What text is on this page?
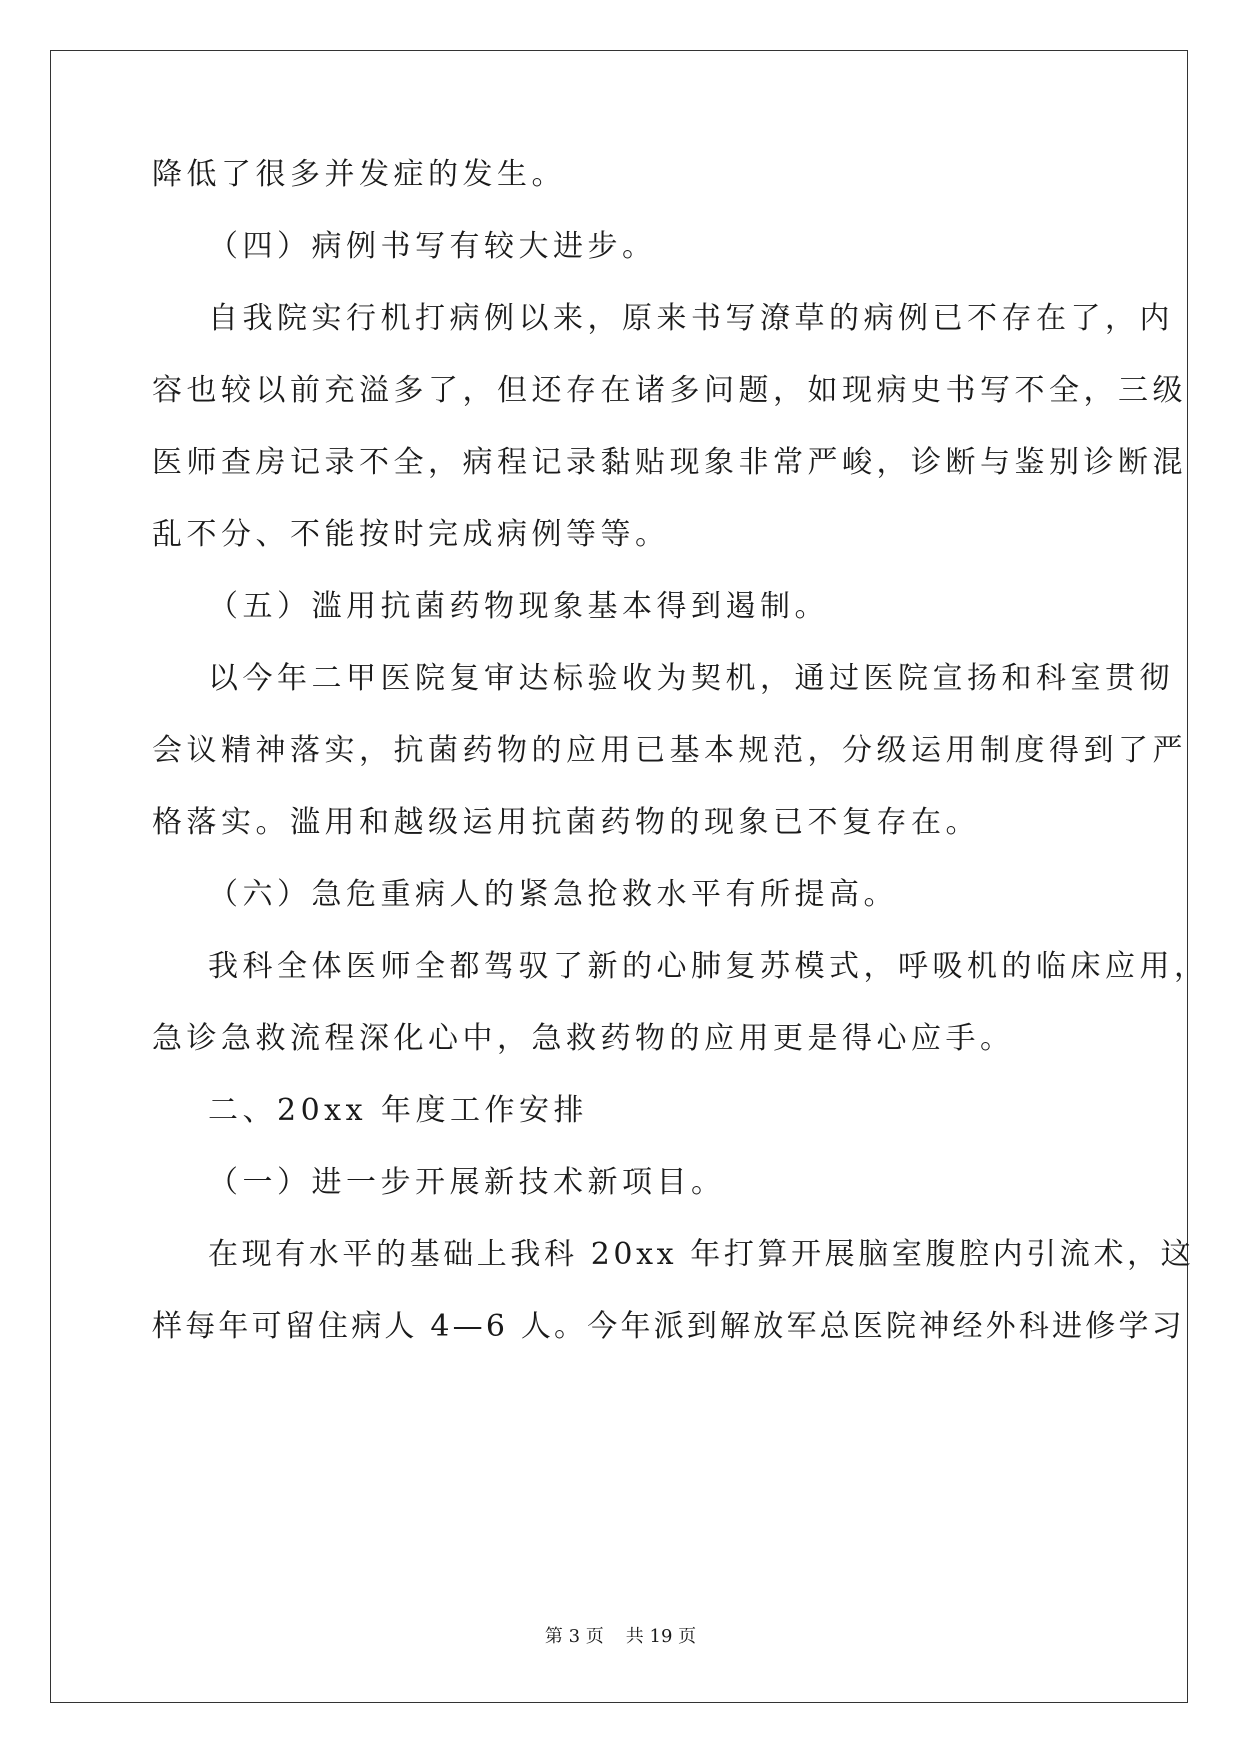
降低了很多并发症的发生。
（四）病例书写有较大进步。
自我院实行机打病例以来，原来书写潦草的病例已不存在了，内
容也较以前充溢多了，但还存在诸多问题，如现病史书写不全，三级
医师查房记录不全，病程记录黏贴现象非常严峻，诊断与鉴别诊断混
乱不分、不能按时完成病例等等。
（五）滥用抗菌药物现象基本得到遏制。
以今年二甲医院复审达标验收为契机，通过医院宣扬和科室贯彻
会议精神落实，抗菌药物的应用已基本规范，分级运用制度得到了严
格落实。滥用和越级运用抗菌药物的现象已不复存在。
（六）急危重病人的紧急抢救水平有所提高。
我科全体医师全都驾驭了新的心肺复苏模式，呼吸机的临床应用，
急诊急救流程深化心中，急救药物的应用更是得心应手。
二、20xx 年度工作安排
（一）进一步开展新技术新项目。
在现有水平的基础上我科 20xx 年打算开展脑室腹腔内引流术，这
样每年可留住病人 4—6 人。今年派到解放军总医院神经外科进修学习
第 3 页 共 19 页
